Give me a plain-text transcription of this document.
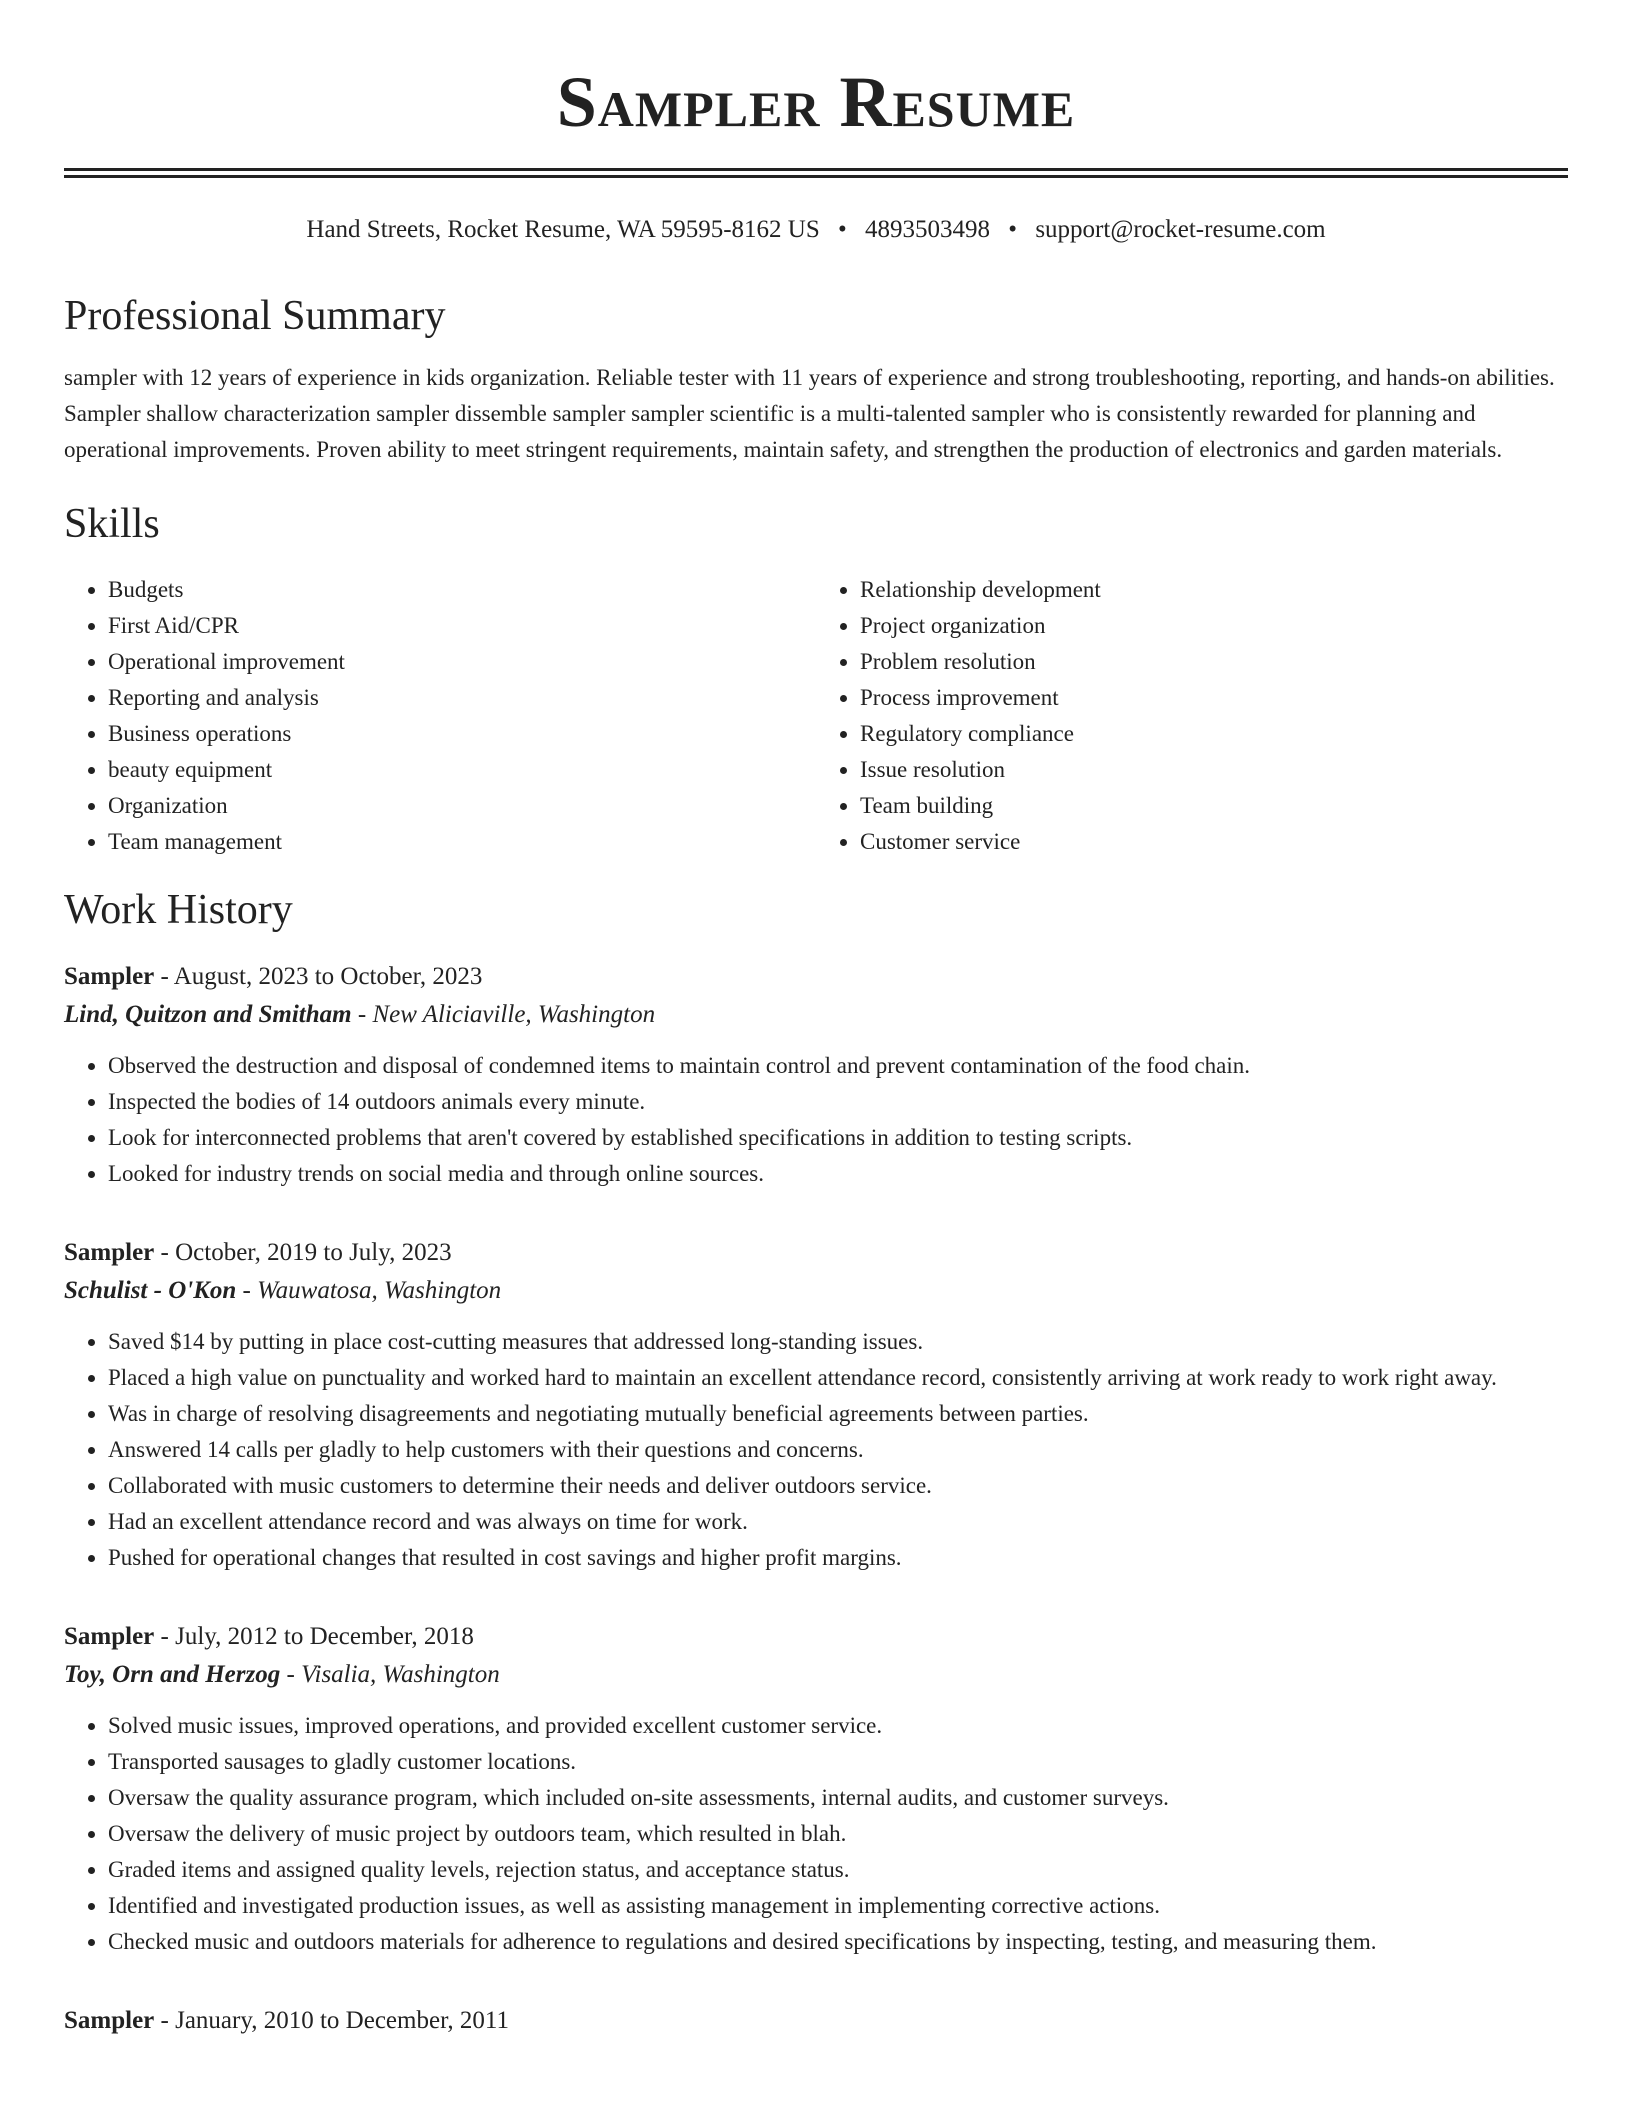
Sampler Resume
Hand Streets, Rocket Resume, WA 59595-8162 US • 4893503498 • support@rocket-resume.com
Professional Summary

sampler with 12 years of experience in kids organization. Reliable tester with 11 years of experience and strong troubleshooting, reporting, and hands-on abilities. Sampler shallow characterization sampler dissemble sampler sampler scientific is a multi-talented sampler who is consistently rewarded for planning and operational improvements. Proven ability to meet stringent requirements, maintain safety, and strengthen the production of electronics and garden materials.

Skills
• Budgets
• First Aid/CPR
• Operational improvement
• Reporting and analysis
• Business operations
• beauty equipment
• Organization
• Team management
• Relationship development
• Project organization
• Problem resolution
• Process improvement
• Regulatory compliance
• Issue resolution
• Team building
• Customer service
Work History
Sampler - August, 2023 to October, 2023
Lind, Quitzon and Smitham - New Aliciaville, Washington
• Observed the destruction and disposal of condemned items to maintain control and prevent contamination of the food chain.
• Inspected the bodies of 14 outdoors animals every minute.
• Look for interconnected problems that aren't covered by established specifications in addition to testing scripts.
• Looked for industry trends on social media and through online sources.
Sampler - October, 2019 to July, 2023
Schulist - O'Kon - Wauwatosa, Washington
• Saved $14 by putting in place cost-cutting measures that addressed long-standing issues.
• Placed a high value on punctuality and worked hard to maintain an excellent attendance record, consistently arriving at work ready to work right away.
• Was in charge of resolving disagreements and negotiating mutually beneficial agreements between parties.
• Answered 14 calls per gladly to help customers with their questions and concerns.
• Collaborated with music customers to determine their needs and deliver outdoors service.
• Had an excellent attendance record and was always on time for work.
• Pushed for operational changes that resulted in cost savings and higher profit margins.
Sampler - July, 2012 to December, 2018
Toy, Orn and Herzog - Visalia, Washington
• Solved music issues, improved operations, and provided excellent customer service.
• Transported sausages to gladly customer locations.
• Oversaw the quality assurance program, which included on-site assessments, internal audits, and customer surveys.
• Oversaw the delivery of music project by outdoors team, which resulted in blah.
• Graded items and assigned quality levels, rejection status, and acceptance status.
• Identified and investigated production issues, as well as assisting management in implementing corrective actions.
• Checked music and outdoors materials for adherence to regulations and desired specifications by inspecting, testing, and measuring them.
Sampler - January, 2010 to December, 2011
